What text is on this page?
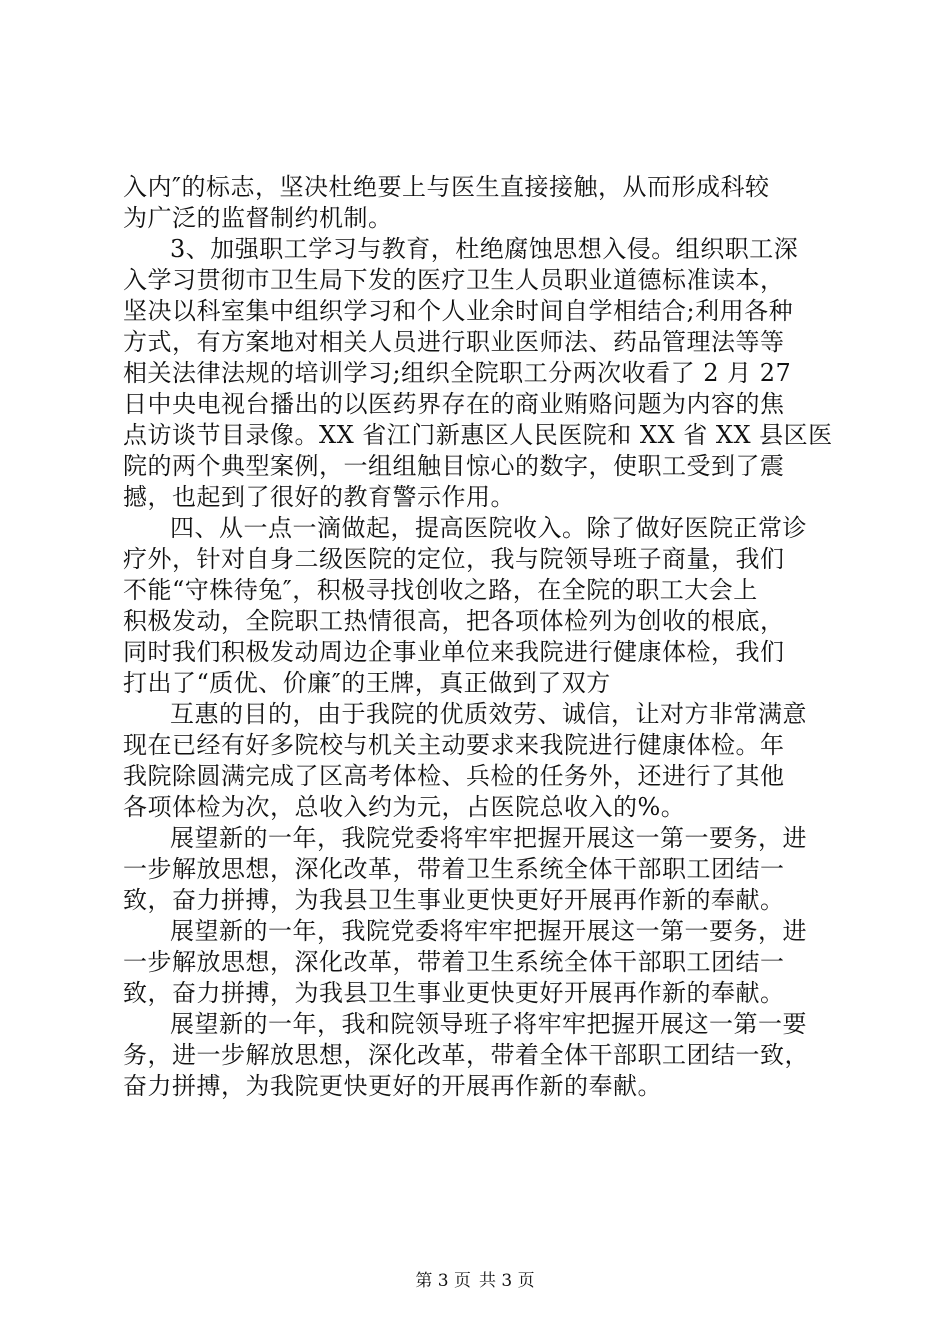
入内″的标志，坚决杜绝要上与医生直接接触，从而形成科较
为广泛的监督制约机制。
3、加强职工学习与教育，杜绝腐蚀思想入侵。组织职工深
入学习贯彻市卫生局下发的医疗卫生人员职业道德标准读本，
坚决以科室集中组织学习和个人业余时间自学相结合;利用各种
方式，有方案地对相关人员进行职业医师法、药品管理法等等
相关法律法规的培训学习;组织全院职工分两次收看了 2 月 27
日中央电视台播出的以医药界存在的商业贿赂问题为内容的焦
点访谈节目录像。XX 省江门新惠区人民医院和 XX 省 XX 县区医
院的两个典型案例，一组组触目惊心的数字，使职工受到了震
撼，也起到了很好的教育警示作用。
四、从一点一滴做起，提高医院收入。除了做好医院正常诊
疗外，针对自身二级医院的定位，我与院领导班子商量，我们
不能“守株待兔″，积极寻找创收之路，在全院的职工大会上
积极发动，全院职工热情很高，把各项体检列为创收的根底，
同时我们积极发动周边企事业单位来我院进行健康体检，我们
打出了“质优、价廉″的王牌，真正做到了双方
互惠的目的，由于我院的优质效劳、诚信，让对方非常满意
现在已经有好多院校与机关主动要求来我院进行健康体检。年
我院除圆满完成了区高考体检、兵检的任务外，还进行了其他
各项体检为次，总收入约为元，占医院总收入的%。
展望新的一年，我院党委将牢牢把握开展这一第一要务，进
一步解放思想，深化改革，带着卫生系统全体干部职工团结一
致，奋力拼搏，为我县卫生事业更快更好开展再作新的奉献。
展望新的一年，我院党委将牢牢把握开展这一第一要务，进
一步解放思想，深化改革，带着卫生系统全体干部职工团结一
致，奋力拼搏，为我县卫生事业更快更好开展再作新的奉献。
展望新的一年，我和院领导班子将牢牢把握开展这一第一要
务，进一步解放思想，深化改革，带着全体干部职工团结一致，
奋力拼搏，为我院更快更好的开展再作新的奉献。
第 3 页 共 3 页
